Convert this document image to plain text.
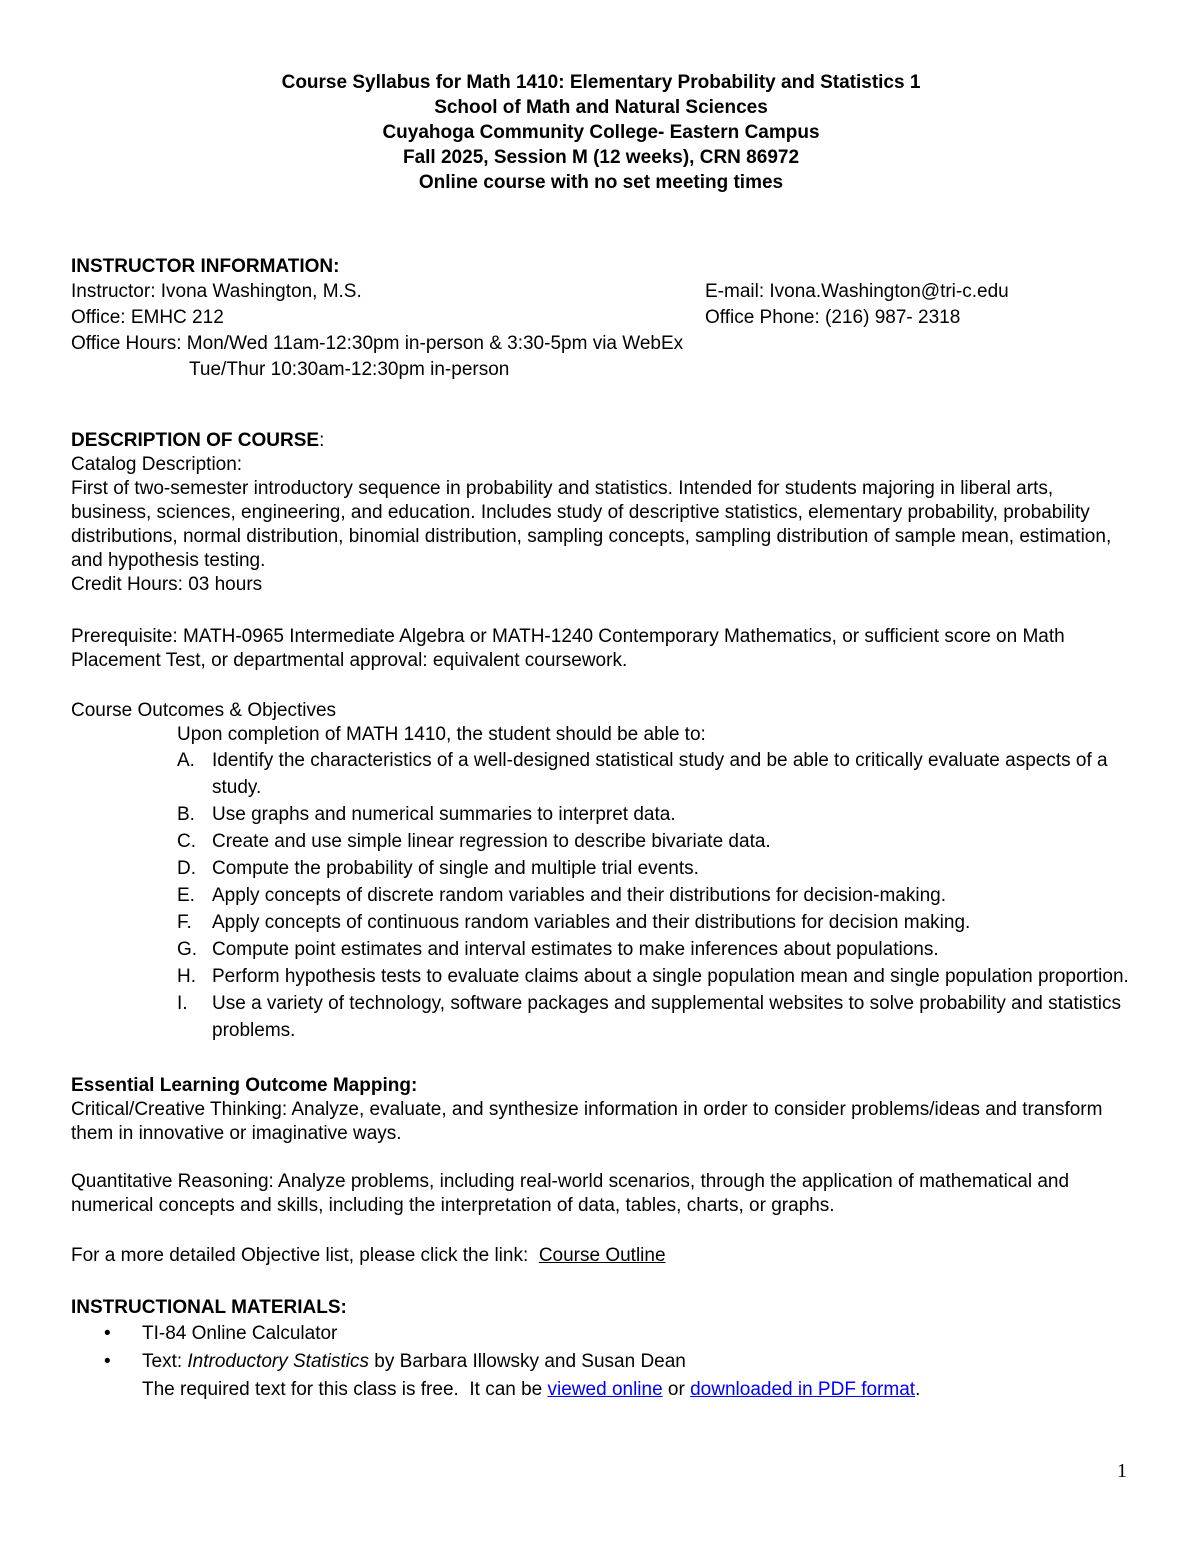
Course Syllabus for Math 1410: Elementary Probability and Statistics 1
School of Math and Natural Sciences
Cuyahoga Community College- Eastern Campus
Fall 2025, Session M (12 weeks), CRN 86972
Online course with no set meeting times
INSTRUCTOR INFORMATION:
Instructor: Ivona Washington, M.S.	E-mail: Ivona.Washington@tri-c.edu
Office: EMHC 212	Office Phone: (216) 987- 2318
Office Hours: Mon/Wed 11am-12:30pm in-person & 3:30-5pm via WebEx
Tue/Thur 10:30am-12:30pm in-person
DESCRIPTION OF COURSE:
Catalog Description:

First of two-semester introductory sequence in probability and statistics. Intended for students majoring in liberal arts, business, sciences, engineering, and education. Includes study of descriptive statistics, elementary probability, probability distributions, normal distribution, binomial distribution, sampling concepts, sampling distribution of sample mean, estimation, and hypothesis testing.

Credit Hours: 03 hours

Prerequisite: MATH-0965 Intermediate Algebra or MATH-1240 Contemporary Mathematics, or sufficient score on Math Placement Test, or departmental approval: equivalent coursework.

Course Outcomes & Objectives
Upon completion of MATH 1410, the student should be able to:
A. Identify the characteristics of a well-designed statistical study and be able to critically evaluate aspects of a study.
B. Use graphs and numerical summaries to interpret data.
C. Create and use simple linear regression to describe bivariate data.
D. Compute the probability of single and multiple trial events.
E. Apply concepts of discrete random variables and their distributions for decision-making.
F. Apply concepts of continuous random variables and their distributions for decision making.
G. Compute point estimates and interval estimates to make inferences about populations.
H. Perform hypothesis tests to evaluate claims about a single population mean and single population proportion.
I. Use a variety of technology, software packages and supplemental websites to solve probability and statistics problems.
Essential Learning Outcome Mapping:

Critical/Creative Thinking: Analyze, evaluate, and synthesize information in order to consider problems/ideas and transform them in innovative or imaginative ways.

Quantitative Reasoning: Analyze problems, including real-world scenarios, through the application of mathematical and numerical concepts and skills, including the interpretation of data, tables, charts, or graphs.

For a more detailed Objective list, please click the link:  Course Outline
INSTRUCTIONAL MATERIALS:
• TI-84 Online Calculator
• Text: Introductory Statistics by Barbara Illowsky and Susan Dean
The required text for this class is free.  It can be viewed online or downloaded in PDF format.
1
